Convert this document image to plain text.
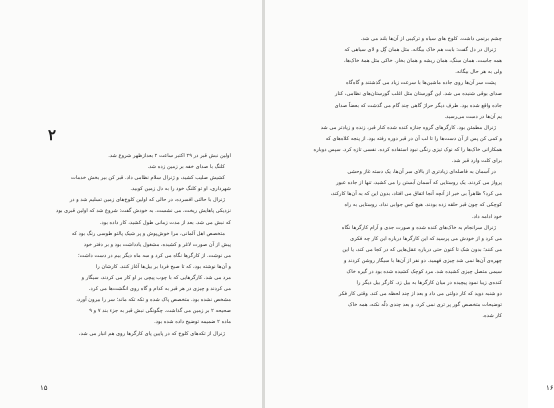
۲
اولین نبش قبر در ۲۹ اکتبر ساعت ۲ بعدازظهر شروع شد.
کلنگ با صدای خفه بر زمین زده شد.
کشیش صلیب کشید، و ژنرال سلام نظامی داد. قبر کن بیر بخش خدمات
شهرداری، او تو کلنگ خود را به دل زمین کوبید.
ژنرال با حالتی افسرده، در حالی که اولین کلوخ‌های زمین تسلیم شد و در
نزدیکی پاهایش ریخت، می نشست. به خودش گفت: شروع شد که اولین قبری بود
که نبش می شد. بعد از مدت زمانی طول کشید، کار داده بود.
متخصص اهل آلمانی، مرا خوش‌پوش و پر شیک پالتو طوسی رنگ بود که
پیش از آن صورت لاغر و کشیده، مشغول یادداشت بود و بر دفتر خود
می نوشت. از کارگرها نگاه می کرد و سه ماه دیگر بیم در دست داشت؛
و آن‌ها نوشته بود، که تا صبح فردا بر بیل‌ها آغاز کنند. کارشان را
مرد می شد. کارگرهایی که با چوب پیچی بر او کار می کردند، سیگار و
می کردند و چیزی در هر قبر به کدام و گاه روی انگشت‌ها می کرد.
مشخص نشده بود. متخصص پاک شده و تکه تکه ماند؛ سر را بیرون آورد،
صحیحه ۲ بر زمین می گذاشت. چگونگی نبش قبر به جزء بند ۷ و ۹
ماده ۲ ضمیمه توضیح داده شده بود.
ژنرال از تکه‌های کلوخ که در پایین پای کارگرها روی هم انبار می شد،
۱۵
چشم برنمی داشت. کلوخ های سیاه و ترکیبی از آن‌ها بلند می شد.
ژنرال در دل گفت: بابت هم خاک بیگانه. مثل همان گِل و لای سیاهی که
همه جاست. همان سنگ، همان ریشه و همان بخار. خاکی مثل همهٔ خاک‌ها،
ولی به هر حال بیگانه.
پشت سر آن‌ها روی جاده ماشین‌ها با سرعت زیاد می گذشتند و گاه‌گاه
صدای بوقی شنیده می شد. این گورستان مثل اغلب گورستان‌های نظامی، کنار
جاده واقع شده بود. طرف دیگر حراژ گاهی چند گام می گذشت که بعضاً صدای
یم آن‌ها در دست می‌رسید.
ژنرال مطمئن بود. کارگرهای گروه جنازه کنده شده کنار قبر، زنده و زیادتر می شد
و کمی کن پس از آن دست‌ها را تا لب آن در قبر دوره رفته بود. از پنجه کلاه‌های که
همکارانی خاک‌ها را که نوک تیزی رنگی نبود استفاده کرده. نفسی تازه کرد. سپس دوباره
برای کلت وارد قبر شد.
در آسمان به فاصله‌ای زیادتری از بالای سر آن‌ها، یک دسته غاز وحشی
پرواز می کردند. یک روستایی که آسمان آبستن را می کشید، تنها از جاده عبور
می کرد؟ ظاهراً بی خبر از آنچه آنجا اتفاق می افتاد، بدون این که به آن‌ها کارکند،
کوچکی که چون قبر حلقه زده بودند. هیچ کس جوابی نداد. روستایی به راه
خود ادامه داد.
ژنرال سرانجام به خاک‌های کنده شده و صورت جدی و آرام کارگرها نگاه
می کرد و از خودش می پرسید که این کارگرها درباره این کار چه فکری
می کنند؛ بدون شک تا کنون حتی درباره عقل‌هایی که در کجا می کند، یا این
چهره‌ی آن‌ها نمی شد چیزی فهمید. دو نفر از آن‌ها با سیگار روشن کردند و
سیمی متصل چیزی کشیده شد. مرد کوچک کشیده شده بود در گیره خاک
کنده‌ی زیبا نمود پیچیده در میان کارگرها به بیل زد. کارگر بیل دیگر را
دو شنبه دوید که کار دولتی می داد و بعد از چند لحظه می کند. وقتی کار فکر
توضیحات متخصص گور پر تری نمی کرد، و بعد چندی ذلّه نکنه، همه خاک
کار شده.
۱۶
